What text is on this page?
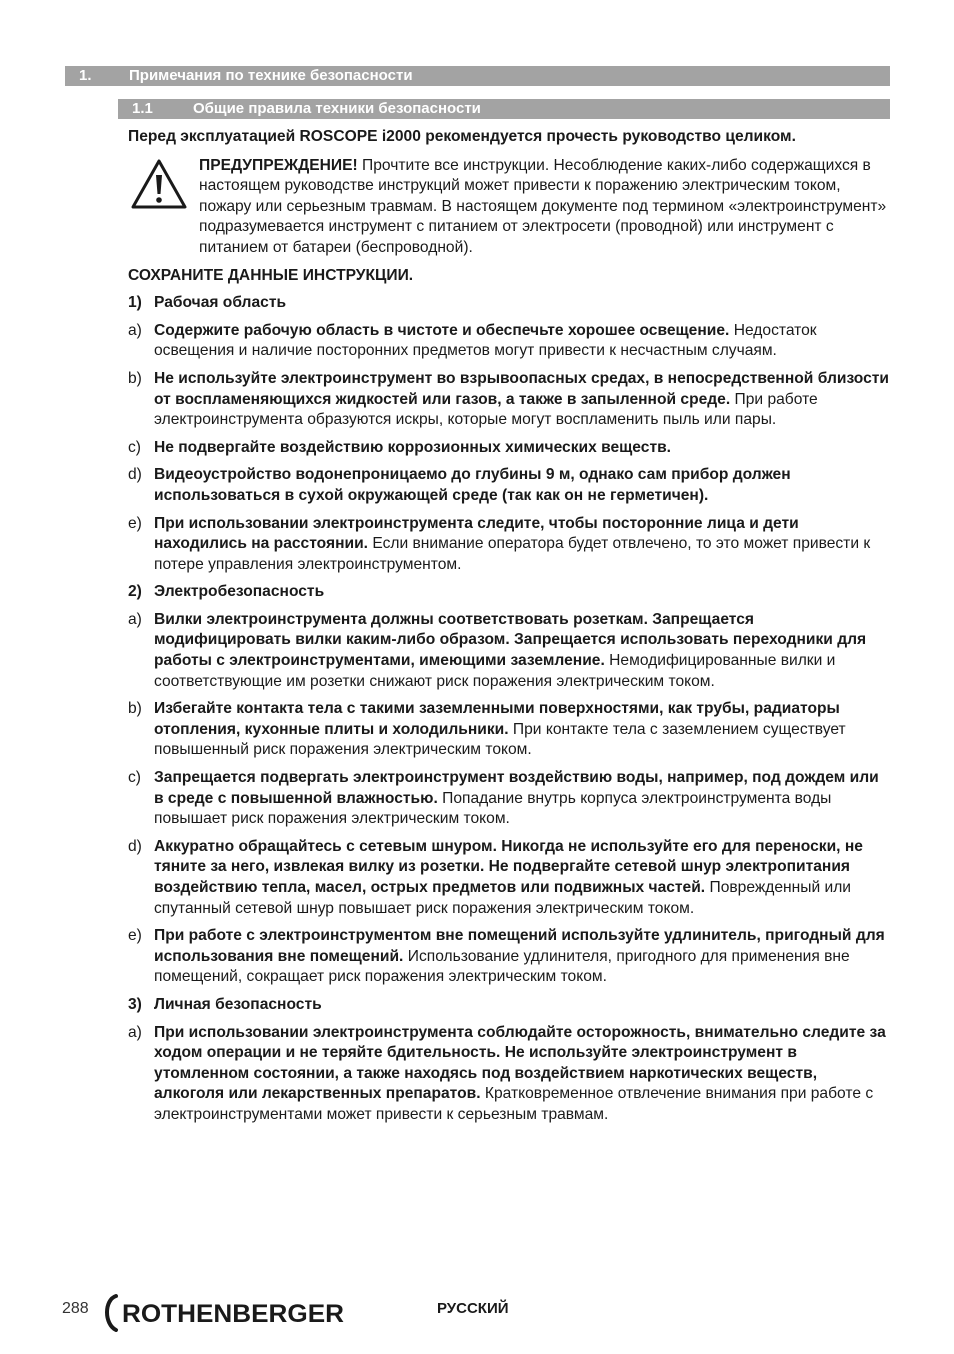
1. Примечания по технике безопасности
1.1	Общие правила техники безопасности
Перед эксплуатацией ROSCOPE i2000 рекомендуется прочесть руководство целиком.
ПРЕДУПРЕЖДЕНИЕ! Прочтите все инструкции. Несоблюдение каких-либо содержащихся в настоящем руководстве инструкций может привести к поражению электрическим током, пожару или серьезным травмам. В настоящем документе под термином «электроинструмент» подразумевается инструмент с питанием от электросети (проводной) или инструмент с питанием от батареи (беспроводной).
СОХРАНИТЕ ДАННЫЕ ИНСТРУКЦИИ.
1) Рабочая область
a) Содержите рабочую область в чистоте и обеспечьте хорошее освещение. Недостаток освещения и наличие посторонних предметов могут привести к несчастным случаям.
b) Не используйте электроинструмент во взрывоопасных средах, в непосредственной близости от воспламеняющихся жидкостей или газов, а также в запыленной среде. При работе электроинструмента образуются искры, которые могут воспламенить пыль или пары.
c) Не подвергайте воздействию коррозионных химических веществ.
d) Видеоустройство водонепроницаемо до глубины 9 м, однако сам прибор должен использоваться в сухой окружающей среде (так как он не герметичен).
e) При использовании электроинструмента следите, чтобы посторонние лица и дети находились на расстоянии. Если внимание оператора будет отвлечено, то это может привести к потере управления электроинструментом.
2) Электробезопасность
a) Вилки электроинструмента должны соответствовать розеткам. Запрещается модифицировать вилки каким-либо образом. Запрещается использовать переходники для работы с электроинструментами, имеющими заземление. Немодифицированные вилки и соответствующие им розетки снижают риск поражения электрическим током.
b) Избегайте контакта тела с такими заземленными поверхностями, как трубы, радиаторы отопления, кухонные плиты и холодильники. При контакте тела с заземлением существует повышенный риск поражения электрическим током.
c) Запрещается подвергать электроинструмент воздействию воды, например, под дождем или в среде с повышенной влажностью. Попадание внутрь корпуса электроинструмента воды повышает риск поражения электрическим током.
d) Аккуратно обращайтесь с сетевым шнуром. Никогда не используйте его для переноски, не тяните за него, извлекая вилку из розетки. Не подвергайте сетевой шнур электропитания воздействию тепла, масел, острых предметов или подвижных частей. Поврежденный или спутанный сетевой шнур повышает риск поражения электрическим током.
e) При работе с электроинструментом вне помещений используйте удлинитель, пригодный для использования вне помещений. Использование удлинителя, пригодного для применения вне помещений, сокращает риск поражения электрическим током.
3) Личная безопасность
a) При использовании электроинструмента соблюдайте осторожность, внимательно следите за ходом операции и не теряйте бдительность. Не используйте электроинструмент в утомленном состоянии, а также находясь под воздействием наркотических веществ, алкоголя или лекарственных препаратов. Кратковременное отвлечение внимания при работе с электроинструментами может привести к серьезным травмам.
288 ROTHENBERGER	РУССКИЙ
